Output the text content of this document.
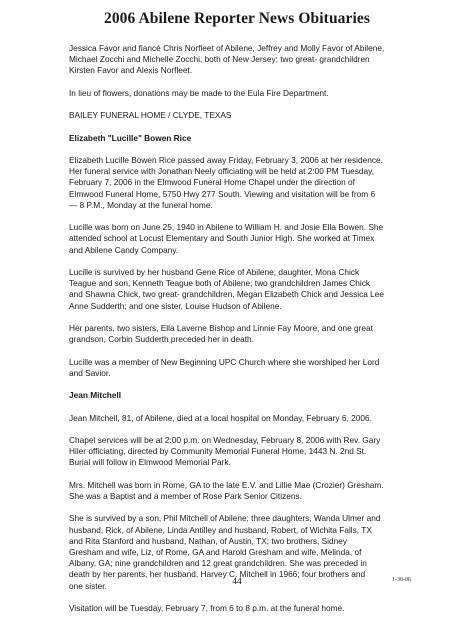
2006 Abilene Reporter News Obituaries

Jessica Favor and fiancé Chris Norfleet of Abilene, Jeffrey and Molly Favor of Abilene,
Michael Zocchi and Michelle Zocchi, both of New Jersey; two great- grandchildren
Kirsten Favor and Alexis Norfleet.

In lieu of flowers, donations may be made to the Eula Fire Department.

BAILEY FUNERAL HOME / CLYDE, TEXAS

Elizabeth "Lucille" Bowen Rice

Elizabeth Lucille Bowen Rice passed away Friday, February 3, 2006 at her residence.
Her funeral service with Jonathan Neely officiating will be held at 2:00 PM Tuesday,
February 7, 2006 in the Elmwood Funeral Home Chapel under the direction of
Elmwood Funeral Home, 5750 Hwy 277 South. Viewing and visitation will be from 6
— 8 P.M., Monday at the funeral home.

Lucille was born on June 25, 1940 in Abilene to William H. and Josie Ella Bowen. She
attended school at Locust Elementary and South Junior High. She worked at Timex
and Abilene Candy Company.

Lucille is survived by her husband Gene Rice of Abilene; daughter, Mona Chick
Teague and son, Kenneth Teague both of Abilene; two grandchildren James Chick
and Shawna Chick, two great- grandchildren, Megan Elizabeth Chick and Jessica Lee
Anne Sudderth; and one sister, Louise Hudson of Abilene.

Her parents, two sisters, Ella Laverne Bishop and Linnie Fay Moore, and one great
grandson, Corbin Sudderth preceded her in death.

Lucille was a member of New Beginning UPC Church where she worshiped her Lord
and Savior.

Jean Mitchell

Jean Mitchell, 81, of Abilene, died at a local hospital on Monday, February 6, 2006.

Chapel services will be at 2:00 p.m. on Wednesday, February 8, 2006 with Rev. Gary
Hiler officiating, directed by Community Memorial Funeral Home, 1443 N. 2nd St.
Burial will follow in Elmwood Memorial Park.

Mrs. Mitchell was born in Rome, GA to the late E.V. and Lillie Mae (Crozier) Gresham.
She was a Baptist and a member of Rose Park Senior Citizens.

She is survived by a son, Phil Mitchell of Abilene; three daughters, Wanda Ulmer and
husband, Rick, of Abilene, Linda Antilley and husband, Robert, of Wichita Falls, TX
and Rita Stanford and husband, Nathan, of Austin, TX; two brothers, Sidney
Gresham and wife, Liz, of Rome, GA and Harold Gresham and wife, Melinda, of
Albany, GA; nine grandchildren and 12 great grandchildren. She was preceded in
death by her parents, her husband, Harvey C. Mitchell in 1966; four brothers and
one sister.

Visitation will be Tuesday, February 7, from 6 to 8 p.m. at the funeral home.

44	1-30-06
